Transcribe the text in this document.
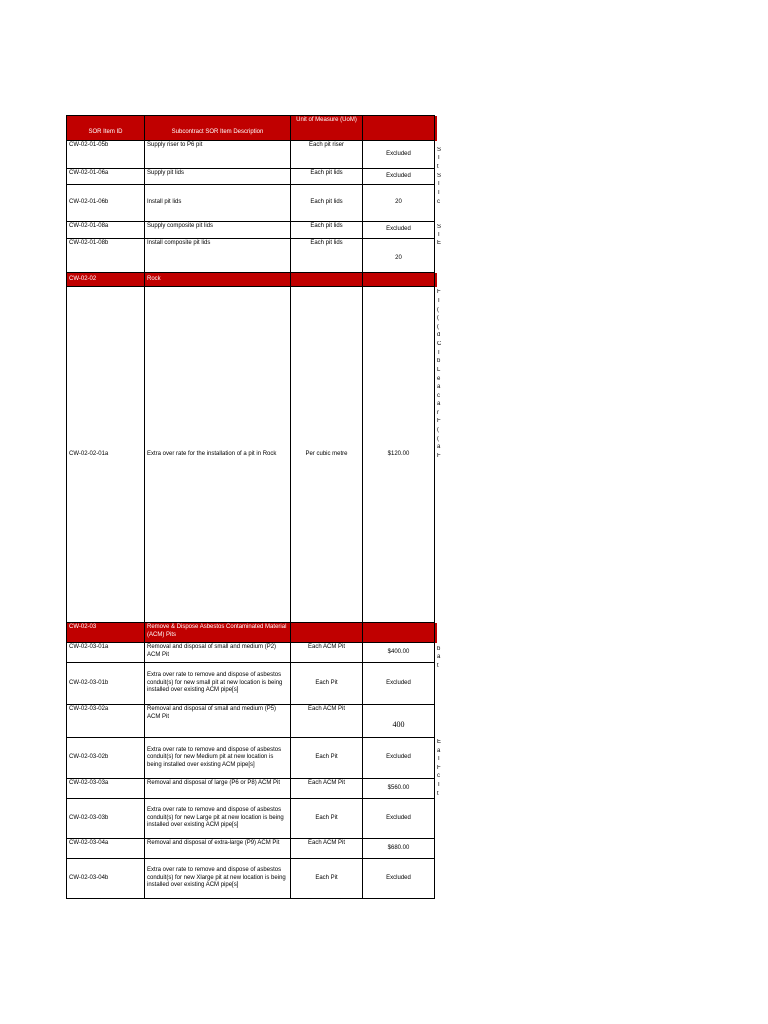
SOR Item ID	Subcontract SOR Item Description	Unit of Measure (UoM)		
CW-02-01-05b	Supply riser to P6 pit	Each pit riser	Excluded	
CW-02-01-06a	Supply pit lids	Each pit lids	Excluded	
CW-02-01-06b	Install pit lids	Each pit lids	20	
CW-02-01-08a	Supply composite pit lids	Each pit lids	Excluded	
CW-02-01-08b	Install composite pit lids	Each pit lids	20	
CW-02-02	Rock			
CW-02-02-01a	Extra over rate for the installation of a pit in Rock	Per cubic metre	$120.00	
CW-02-03	Remove & Dispose Asbestos Contaminated Material (ACM) Pits			
CW-02-03-01a	Removal and disposal of small and medium (P2) ACM Pit	Each ACM Pit	$400.00	
CW-02-03-01b	Extra over rate to remove and dispose of asbestos conduit(s) for new small pit at new location is being installed over existing ACM pipe[s]	Each Pit	Excluded	
CW-02-03-02a	Removal and disposal of small and medium (P5) ACM Pit	Each ACM Pit	400	
CW-02-03-02b	Extra over rate to remove and dispose of asbestos conduit(s) for new Medium pit at new location is being installed over existing ACM pipe[s]	Each Pit	Excluded	
CW-02-03-03a	Removal and disposal of large (P6 or P8) ACM Pit	Each ACM Pit	$560.00	
CW-02-03-03b	Extra over rate to remove and dispose of asbestos conduit(s) for new Large pit at new location is being installed over existing ACM pipe[s]	Each Pit	Excluded	
CW-02-03-04a	Removal and disposal of extra-large (P9) ACM Pit	Each ACM Pit	$680.00	
CW-02-03-04b	Extra over rate to remove and dispose of asbestos conduit(s) for new Xlarge pit at new location is being installed over existing ACM pipe[s]	Each Pit	Excluded	
S
T
t
S
T
T
c
S
T
E
F
T
(
(
(
d
C
T
b
L
e
a
c
a
r
F
(
(
a
F
b
a
t
E
a
T
F
c
T
t
